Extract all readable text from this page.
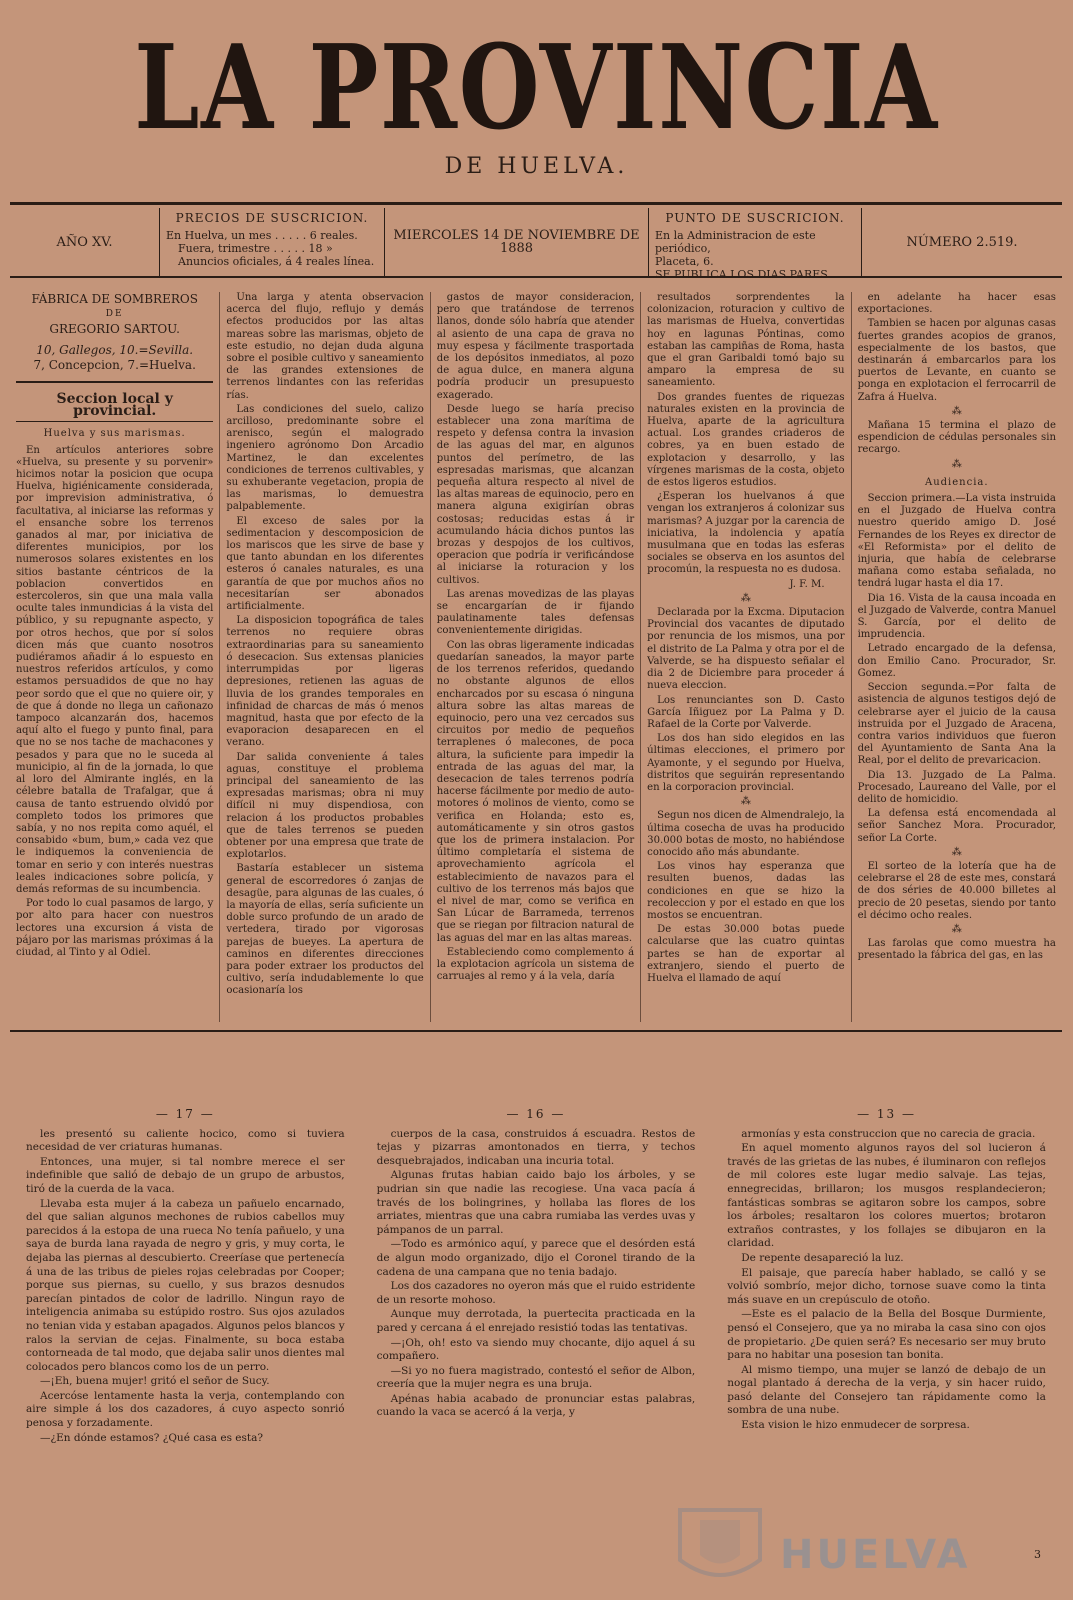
LA PROVINCIA
DE HUELVA.
AÑO XV.
PRECIOS DE SUSCRICION.
En Huelva, un mes . . . . . 6 reales.
Fuera, trimestre . . . . . 18 »
Anuncios oficiales, á 4 reales línea.
MIERCOLES 14 DE NOVIEMBRE DE 1888
PUNTO DE SUSCRICION.
En la Administracion de este periódico,
Placeta, 6.
SE PUBLICA LOS DIAS PARES.
NÚMERO 2.519.
FÁBRICA DE SOMBREROS
DE
GREGORIO SARTOU.
10, Gallegos, 10.=Sevilla.
7, Concepcion, 7.=Huelva.
Seccion local y provincial.
Huelva y sus marismas.

En artículos anteriores sobre «Huelva, su presente y su porvenir» hicimos notar la posicion que ocupa Huelva, higiénicamente considerada, por imprevision administrativa, ó facultativa, al iniciarse las reformas y el ensanche sobre los terrenos ganados al mar, por iniciativa de diferentes municipios, por los numerosos solares existentes en los sitios bastante céntricos de la poblacion convertidos en estercoleros, sin que una mala valla oculte tales inmundicias á la vista del público, y su repugnante aspecto, y por otros hechos, que por sí solos dicen más que cuanto nosotros pudiéramos añadir á lo espuesto en nuestros referidos artículos, y como estamos persuadidos de que no hay peor sordo que el que no quiere oir, y de que á donde no llega un cañonazo tampoco alcanzarán dos, hacemos aquí alto el fuego y punto final, para que no se nos tache de machacones y pesados y para que no le suceda al municipio, al fin de la jornada, lo que al loro del Almirante inglés, en la célebre batalla de Trafalgar, que á causa de tanto estruendo olvidó por completo todos los primores que sabía, y no nos repita como aquél, el consabido «bum, bum,» cada vez que le indiquemos la conveniencia de tomar en serio y con interés nuestras leales indicaciones sobre policía, y demás reformas de su incumbencia.

Por todo lo cual pasamos de largo, y por alto para hacer con nuestros lectores una excursion á vista de pájaro por las marismas próximas á la ciudad, al Tinto y al Odiel.

Una larga y atenta observacion acerca del flujo, reflujo y demás efectos producidos por las altas mareas sobre las marismas, objeto de este estudio, no dejan duda alguna sobre el posible cultivo y saneamiento de las grandes extensiones de terrenos lindantes con las referidas rías.

Las condiciones del suelo, calizo arcilloso, predominante sobre el arenisco, según el malogrado ingeniero agrónomo Don Arcadio Martinez, le dan excelentes condiciones de terrenos cultivables, y su exhuberante vegetacion, propia de las marismas, lo demuestra palpablemente.

El exceso de sales por la sedimentacion y descomposicion de los mariscos que les sirve de base y que tanto abundan en los diferentes esteros ó canales naturales, es una garantía de que por muchos años no necesitarían ser abonados artificialmente.

La disposicion topográfica de tales terrenos no requiere obras extraordinarias para su saneamiento ó desecacion. Sus extensas planicies interrumpidas por ligeras depresiones, retienen las aguas de lluvia de los grandes temporales en infinidad de charcas de más ó menos magnitud, hasta que por efecto de la evaporacion desaparecen en el verano.

Dar salida conveniente á tales aguas, constituye el problema principal del saneamiento de las expresadas marismas; obra ni muy difícil ni muy dispendiosa, con relacion á los productos probables que de tales terrenos se pueden obtener por una empresa que trate de explotarlos.

Bastaría establecer un sistema general de escorredores ó zanjas de desagüe, para algunas de las cuales, ó la mayoría de ellas, sería suficiente un doble surco profundo de un arado de vertedera, tirado por vigorosas parejas de bueyes. La apertura de caminos en diferentes direcciones para poder extraer los productos del cultivo, sería indudablemente lo que ocasionaría los

gastos de mayor consideracion, pero que tratándose de terrenos llanos, donde sólo habría que atender al asiento de una capa de grava no muy espesa y fácilmente trasportada de los depósitos inmediatos, al pozo de agua dulce, en manera alguna podría producir un presupuesto exagerado.

Desde luego se haría preciso establecer una zona marítima de respeto y defensa contra la invasion de las aguas del mar, en algunos puntos del perímetro, de las espresadas marismas, que alcanzan pequeña altura respecto al nivel de las altas mareas de equinocio, pero en manera alguna exigirían obras costosas; reducidas estas á ir acumulando hácia dichos puntos las brozas y despojos de los cultivos, operacion que podría ir verificándose al iniciarse la roturacion y los cultivos.

Las arenas movedizas de las playas se encargarían de ir fijando paulatinamente tales defensas convenientemente dirigidas.

Con las obras ligeramente indicadas quedarían saneados, la mayor parte de los terrenos referidos, quedando no obstante algunos de ellos encharcados por su escasa ó ninguna altura sobre las altas mareas de equinocio, pero una vez cercados sus circuitos por medio de pequeños terraplenes ó malecones, de poca altura, la suficiente para impedir la entrada de las aguas del mar, la desecacion de tales terrenos podría hacerse fácilmente por medio de auto-motores ó molinos de viento, como se verifica en Holanda; esto es, automáticamente y sin otros gastos que los de primera instalacion. Por último completaría el sistema de aprovechamiento agrícola el establecimiento de navazos para el cultivo de los terrenos más bajos que el nivel de mar, como se verifica en San Lúcar de Barrameda, terrenos que se riegan por filtracion natural de las aguas del mar en las altas mareas.

Estableciendo como complemento á la explotacion agrícola un sistema de carruajes al remo y á la vela, daría

resultados sorprendentes la colonizacion, roturacion y cultivo de las marismas de Huelva, convertidas hoy en lagunas Póntinas, como estaban las campiñas de Roma, hasta que el gran Garibaldi tomó bajo su amparo la empresa de su saneamiento.

Dos grandes fuentes de riquezas naturales existen en la provincia de Huelva, aparte de la agricultura actual. Los grandes criaderos de cobres, ya en buen estado de explotacion y desarrollo, y las vírgenes marismas de la costa, objeto de estos ligeros estudios.

¿Esperan los huelvanos á que vengan los extranjeros á colonizar sus marismas? A juzgar por la carencia de iniciativa, la indolencia y apatía musulmana que en todas las esferas sociales se observa en los asuntos del procomún, la respuesta no es dudosa.

J. F. M.
⁂

Declarada por la Excma. Diputacion Provincial dos vacantes de diputado por renuncia de los mismos, una por el distrito de La Palma y otra por el de Valverde, se ha dispuesto señalar el dia 2 de Diciembre para proceder á nueva eleccion.

Los renunciantes son D. Casto García Iñiguez por La Palma y D. Rafael de la Corte por Valverde.

Los dos han sido elegidos en las últimas elecciones, el primero por Ayamonte, y el segundo por Huelva, distritos que seguirán representando en la corporacion provincial.

⁂

Segun nos dicen de Almendralejo, la última cosecha de uvas ha producido 30.000 botas de mosto, no habiéndose conocido año más abundante.

Los vinos hay esperanza que resulten buenos, dadas las condiciones en que se hizo la recoleccion y por el estado en que los mostos se encuentran.

De estas 30.000 botas puede calcularse que las cuatro quintas partes se han de exportar al extranjero, siendo el puerto de Huelva el llamado de aquí

en adelante ha hacer esas exportaciones.

Tambien se hacen por algunas casas fuertes grandes acopios de granos, especialmente de los bastos, que destinarán á embarcarlos para los puertos de Levante, en cuanto se ponga en explotacion el ferrocarril de Zafra á Huelva.

⁂

Mañana 15 termina el plazo de espendicion de cédulas personales sin recargo.

⁂
Audiencia.

Seccion primera.—La vista instruida en el Juzgado de Huelva contra nuestro querido amigo D. José Fernandes de los Reyes ex director de «El Reformista» por el delito de injuria, que había de celebrarse mañana como estaba señalada, no tendrá lugar hasta el dia 17.

Dia 16. Vista de la causa incoada en el Juzgado de Valverde, contra Manuel S. García, por el delito de imprudencia.

Letrado encargado de la defensa, don Emilio Cano. Procurador, Sr. Gomez.

Seccion segunda.=Por falta de asistencia de algunos testigos dejó de celebrarse ayer el juicio de la causa instruida por el Juzgado de Aracena, contra varios individuos que fueron del Ayuntamiento de Santa Ana la Real, por el delito de prevaricacion.

Dia 13. Juzgado de La Palma. Procesado, Laureano del Valle, por el delito de homicidio.

La defensa está encomendada al señor Sanchez Mora. Procurador, señor La Corte.

⁂

El sorteo de la lotería que ha de celebrarse el 28 de este mes, constará de dos séries de 40.000 billetes al precio de 20 pesetas, siendo por tanto el décimo ocho reales.

⁂

Las farolas que como muestra ha presentado la fábrica del gas, en las

— 17 —

les presentó su caliente hocico, como si tuviera necesidad de ver criaturas humanas.

Entonces, una mujer, si tal nombre merece el ser indefinible que salió de debajo de un grupo de arbustos, tiró de la cuerda de la vaca.

Llevaba esta mujer á la cabeza un pañuelo encarnado, del que salian algunos mechones de rubios cabellos muy parecidos á la estopa de una rueca No tenía pañuelo, y una saya de burda lana rayada de negro y gris, y muy corta, le dejaba las piernas al descubierto. Creeríase que pertenecía á una de las tribus de pieles rojas celebradas por Cooper; porque sus piernas, su cuello, y sus brazos desnudos parecían pintados de color de ladrillo. Ningun rayo de inteligencia animaba su estúpido rostro. Sus ojos azulados no tenian vida y estaban apagados. Algunos pelos blancos y ralos la servian de cejas. Finalmente, su boca estaba contorneada de tal modo, que dejaba salir unos dientes mal colocados pero blancos como los de un perro.

—¡Eh, buena mujer! gritó el señor de Sucy.

Acercóse lentamente hasta la verja, contemplando con aire simple á los dos cazadores, á cuyo aspecto sonrió penosa y forzadamente.

—¿En dónde estamos? ¿Qué casa es esta?

— 16 —

cuerpos de la casa, construidos á escuadra. Restos de tejas y pizarras amontonados en tierra, y techos desquebrajados, indicaban una incuria total.

Algunas frutas habian caido bajo los árboles, y se pudrian sin que nadie las recogiese. Una vaca pacía á través de los bolingrines, y hollaba las flores de los arriates, mientras que una cabra rumiaba las verdes uvas y pámpanos de un parral.

—Todo es armónico aquí, y parece que el desórden está de algun modo organizado, dijo el Coronel tirando de la cadena de una campana que no tenia badajo.

Los dos cazadores no oyeron más que el ruido estridente de un resorte mohoso.

Aunque muy derrotada, la puertecita practicada en la pared y cercana á el enrejado resistió todas las tentativas.

—¡Oh, oh! esto va siendo muy chocante, dijo aquel á su compañero.

—Si yo no fuera magistrado, contestó el señor de Albon, creería que la mujer negra es una bruja.

Apénas habia acabado de pronunciar estas palabras, cuando la vaca se acercó á la verja, y

— 13 —

armonías y esta construccion que no carecia de gracia.

En aquel momento algunos rayos del sol lucieron á través de las grietas de las nubes, é iluminaron con reflejos de mil colores este lugar medio salvaje. Las tejas, ennegrecidas, brillaron; los musgos resplandecieron; fantásticas sombras se agitaron sobre los campos, sobre los árboles; resaltaron los colores muertos; brotaron extraños contrastes, y los follajes se dibujaron en la claridad.

De repente desapareció la luz.

El paisaje, que parecía haber hablado, se calló y se volvió sombrío, mejor dicho, tornose suave como la tinta más suave en un crepúsculo de otoño.

—Este es el palacio de la Bella del Bosque Durmiente, pensó el Consejero, que ya no miraba la casa sino con ojos de propietario. ¿De quien será? Es necesario ser muy bruto para no habitar una posesion tan bonita.

Al mismo tiempo, una mujer se lanzó de debajo de un nogal plantado á derecha de la verja, y sin hacer ruido, pasó delante del Consejero tan rápidamente como la sombra de una nube.

Esta vision le hizo enmudecer de sorpresa.

HUELVA	3
